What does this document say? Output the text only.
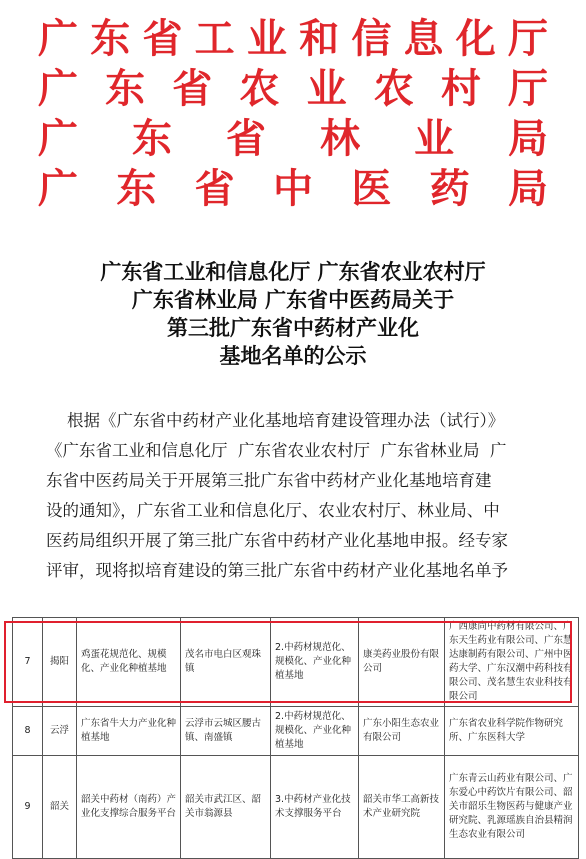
广 东 省 工 业 和 信 息 化 厅
广 东 省 农 业 农 村 厅
广 东 省 林 业 局
广 东 省 中 医 药 局
广东省工业和信息化厅 广东省农业农村厅
广东省林业局 广东省中医药局关于
第三批广东省中药材产业化
基地名单的公示
根据《广东省中药材产业化基地培育建设管理办法（试行）》
《广东省工业和信息化厅  广东省农业农村厅  广东省林业局  广
东省中医药局关于开展第三批广东省中药材产业化基地培育建
设的通知》，广东省工业和信息化厅、农业农村厅、林业局、中
医药局组织开展了第三批广东省中药材产业化基地申报。经专家
评审，现将拟培育建设的第三批广东省中药材产业化基地名单予
7	揭阳	鸡蛋花规范化、规模化、产业化种植基地	茂名市电白区观珠镇	2.中药材规范化、规模化、产业化种植基地	康美药业股份有限公司	广西康尚中药材有限公司、广东天生药业有限公司、广东慧达康制药有限公司、广州中医药大学、广东汉潮中药科技有限公司、茂名慧生农业科技有限公司
8	云浮	广东省牛大力产业化种植基地	云浮市云城区腰古镇、南盛镇	2.中药材规范化、规模化、产业化种植基地	广东小阳生态农业有限公司	广东省农业科学院作物研究所、广东医科大学
9	韶关	韶关中药材（南药）产业化支撑综合服务平台	韶关市武江区、韶关市翁源县	3.中药材产业化技术支撑服务平台	韶关市华工高新技术产业研究院	广东青云山药业有限公司、广东爱心中药饮片有限公司、韶关市韶乐生物医药与健康产业研究院、乳源瑶族自治县精润生态农业有限公司
